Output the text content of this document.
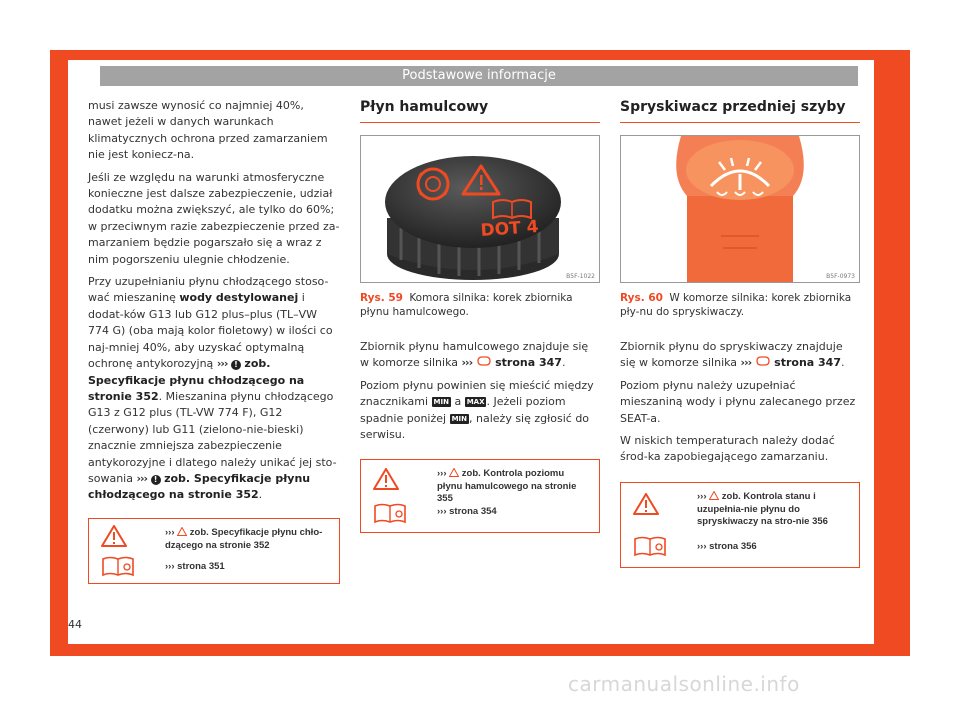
Podstawowe informacje

musi zawsze wynosić co najmniej 40%, nawet jeżeli w danych warunkach klimatycznych ochrona przed zamarzaniem nie jest koniecz-na.

Jeśli ze względu na warunki atmosferyczne konieczne jest dalsze zabezpieczenie, udział dodatku można zwiększyć, ale tylko do 60%; w przeciwnym razie zabezpieczenie przed za-marzaniem będzie pogarszało się a wraz z nim pogorszeniu ulegnie chłodzenie.

Przy uzupełnianiu płynu chłodzącego stoso-wać mieszaninę wody destylowanej i dodat-ków G13 lub G12 plus–plus (TL–VW 774 G) (oba mają kolor fioletowy) w ilości co naj-mniej 40%, aby uzyskać optymalną ochronę antykorozyjną ››› ! zob. Specyfikacje płynu chłodzącego na stronie 352. Mieszanina płynu chłodzącego G13 z G12 plus (TL-VW 774 F), G12 (czerwony) lub G11 (zielono-nie-bieski) znacznie zmniejsza zabezpieczenie antykorozyjne i dlatego należy unikać jej sto-sowania ››› ! zob. Specyfikacje płynu chłodzącego na stronie 352.

››› zob. Specyfikacje płynu chło-dzącego na stronie 352
››› strona 351
Płyn hamulcowy
DOT 4
B5F-1022
Rys. 59 Komora silnika: korek zbiornika płynu hamulcowego.

Zbiornik płynu hamulcowego znajduje się w komorze silnika ››› strona 347.

Poziom płynu powinien się mieścić między znacznikami MIN a MAX . Jeżeli poziom spadnie poniżej MIN , należy się zgłosić do serwisu.

››› zob. Kontrola poziomu płynu hamulcowego na stronie 355
››› strona 354
Spryskiwacz przedniej szyby
B5F-0973
Rys. 60 W komorze silnika: korek zbiornika pły-nu do spryskiwaczy.

Zbiornik płynu do spryskiwaczy znajduje się w komorze silnika ››› strona 347.

Poziom płynu należy uzupełniać mieszaniną wody i płynu zalecanego przez SEAT-a.

W niskich temperaturach należy dodać środ-ka zapobiegającego zamarzaniu.

››› zob. Kontrola stanu i uzupełnia-nie płynu do spryskiwaczy na stro-nie 356
››› strona 356
44
carmanualsonline.info
